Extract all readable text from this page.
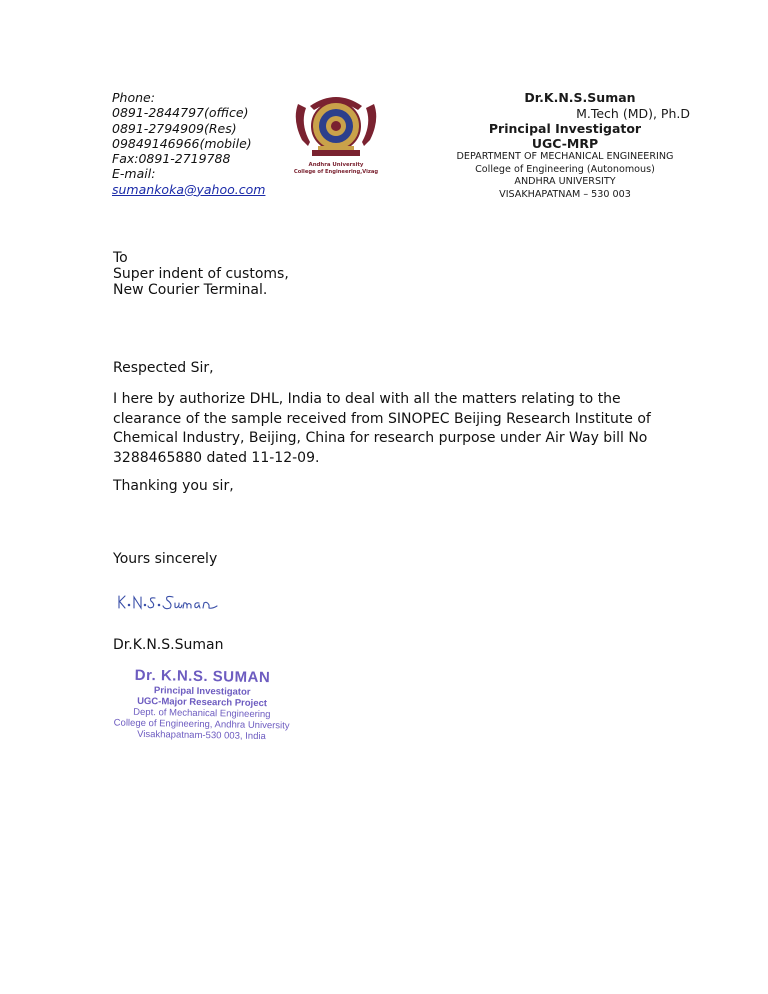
Phone:
0891-2844797(office)
0891-2794909(Res)
09849146966(mobile)
Fax:0891-2719788
E-mail:
sumankoka@yahoo.com
Andhra University
College of Engineering,Vizag
Dr.K.N.S.Suman
M.Tech (MD), Ph.D
Principal Investigator
UGC-MRP
DEPARTMENT OF MECHANICAL ENGINEERING
College of Engineering (Autonomous)
ANDHRA UNIVERSITY
VISAKHAPATNAM – 530 003
To
Super indent of customs,
New Courier Terminal.
Respected Sir,
I here by authorize DHL, India to deal with all the matters relating to the
clearance of the sample received from SINOPEC Beijing Research Institute of
Chemical Industry, Beijing, China for research purpose under Air Way bill No
3288465880 dated 11-12-09.
Thanking you sir,
Yours sincerely
Dr.K.N.S.Suman
Dr. K.N.S. SUMAN
Principal Investigator
UGC-Major Research Project
Dept. of Mechanical Engineering
College of Engineering, Andhra University
Visakhapatnam-530 003, India
